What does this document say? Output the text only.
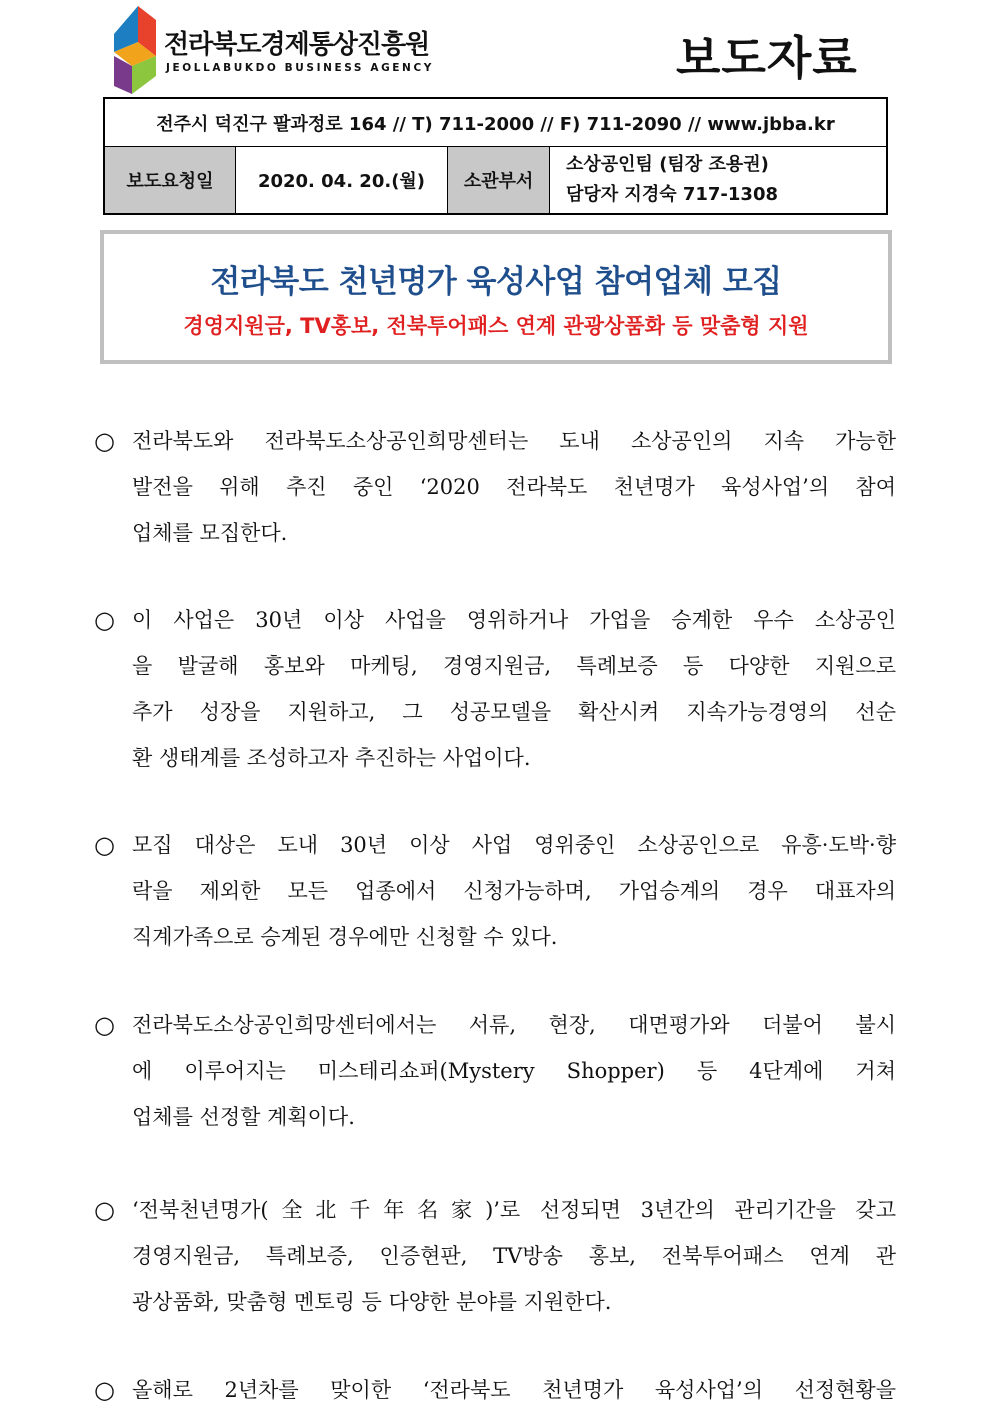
전라북도경제통상진흥원
JEOLLABUKDO BUSINESS AGENCY	보도자료
전주시 덕진구 팔과정로 164 // T) 711-2000 // F) 711-2090 // www.jbba.kr
보도요청일	2020. 04. 20.(월)	소관부서
소상공인팀 (팀장 조용권)
담당자 지경숙 717-1308
전라북도 천년명가 육성사업 참여업체 모집
경영지원금, TV홍보, 전북투어패스 연계 관광상품화 등 맞춤형 지원
○ 전라북도와 전라북도소상공인희망센터는 도내 소상공인의 지속 가능한
발전을 위해 추진 중인 ‘2020 전라북도 천년명가 육성사업’의 참여
업체를 모집한다.
○ 이 사업은 30년 이상 사업을 영위하거나 가업을 승계한 우수 소상공인
을 발굴해 홍보와 마케팅, 경영지원금, 특례보증 등 다양한 지원으로
추가 성장을 지원하고, 그 성공모델을 확산시켜 지속가능경영의 선순
환 생태계를 조성하고자 추진하는 사업이다.
○ 모집 대상은 도내 30년 이상 사업 영위중인 소상공인으로 유흥·도박·향
락을 제외한 모든 업종에서 신청가능하며, 가업승계의 경우 대표자의
직계가족으로 승계된 경우에만 신청할 수 있다.
○ 전라북도소상공인희망센터에서는 서류, 현장, 대면평가와 더불어 불시
에 이루어지는 미스테리쇼퍼(Mystery Shopper) 등 4단계에 거쳐
업체를 선정할 계획이다.
○ ‘전북천년명가(全北千年名家)’로 선정되면 3년간의 관리기간을 갖고
경영지원금, 특례보증, 인증현판, TV방송 홍보, 전북투어패스 연계 관
광상품화, 맞춤형 멘토링 등 다양한 분야를 지원한다.
○ 올해로 2년차를 맞이한 ‘전라북도 천년명가 육성사업’의 선정현황을
